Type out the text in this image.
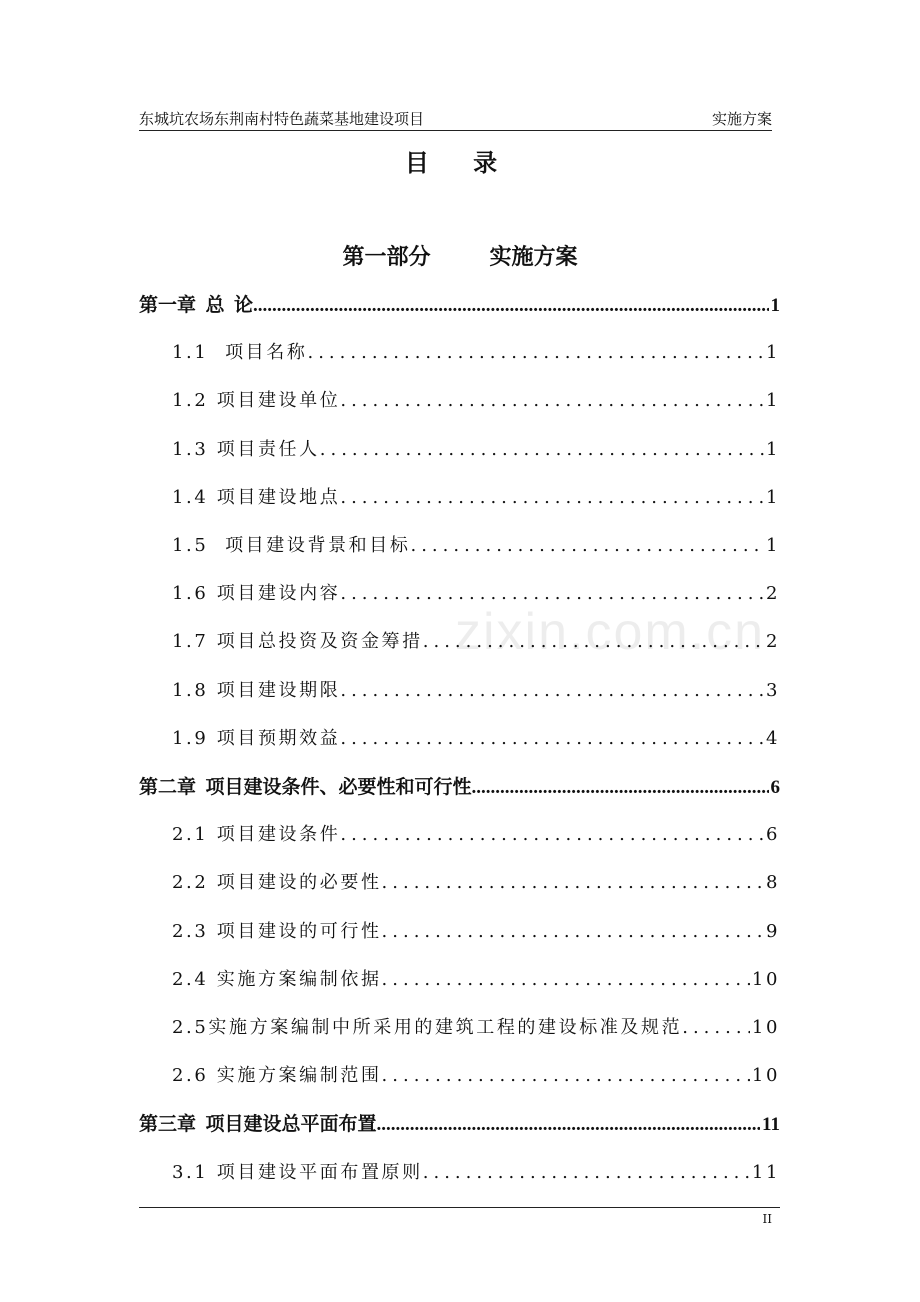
东城坑农场东荆南村特色蔬菜基地建设项目	实施方案
目 录
第一部分   实施方案
第一章  总  论 .....	1
1.1  项目名称 .....	1
1.2 项目建设单位 .....	1
1.3 项目责任人 .....	1
1.4 项目建设地点 .....	1
1.5  项目建设背景和目标 .....	1
1.6 项目建设内容 .....	2
1.7 项目总投资及资金筹措 .....	2
1.8 项目建设期限 .....	3
1.9 项目预期效益 .....	4
第二章  项目建设条件、必要性和可行性 .....	6
2.1 项目建设条件 .....	6
2.2 项目建设的必要性 .....	8
2.3 项目建设的可行性 .....	9
2.4 实施方案编制依据 .....	10
2.5实施方案编制中所采用的建筑工程的建设标准及规范 .....	10
2.6 实施方案编制范围 .....	10
第三章  项目建设总平面布置 .....	11
3.1 项目建设平面布置原则 .....	11
zixin.com.cn
II
